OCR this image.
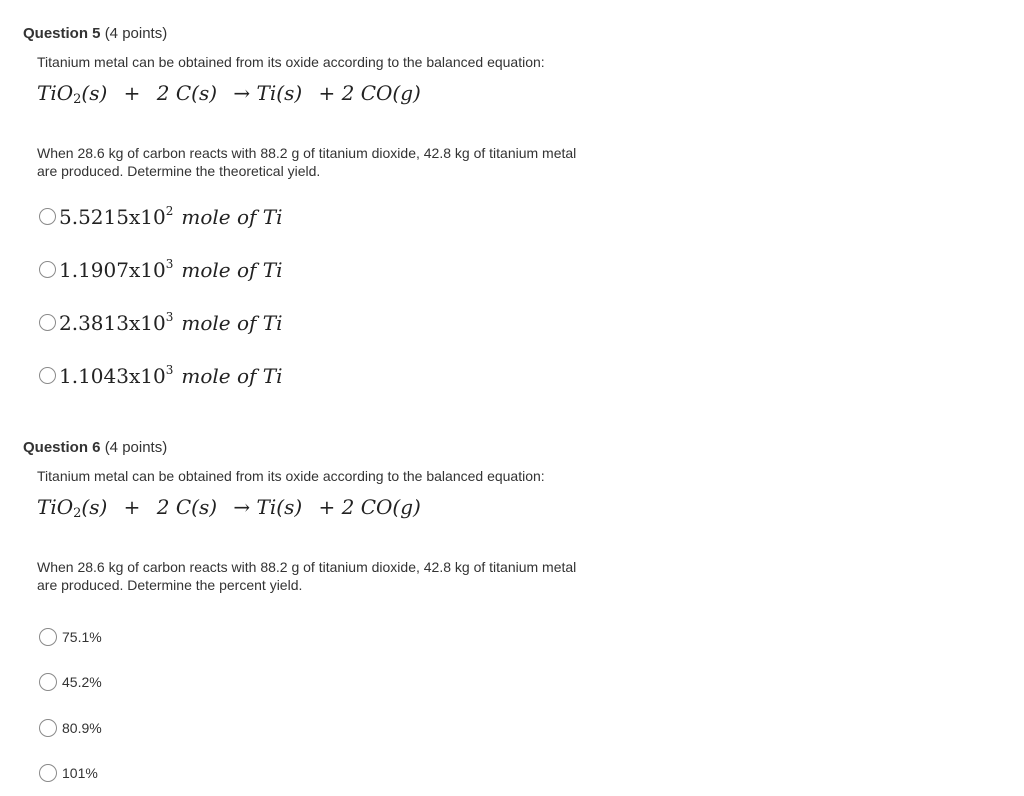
Question 5 (4 points)
Titanium metal can be obtained from its oxide according to the balanced equation:
TiO$_2$(s) + 2 C(s) → Ti(s) + 2 CO(g)
When 28.6 kg of carbon reacts with 88.2 g of titanium dioxide, 42.8 kg of titanium metal are produced. Determine the theoretical yield.
$5.5215x10^2$ mole of Ti
$1.1907x10^3$ mole of Ti
$2.3813x10^3$ mole of Ti
$1.1043x10^3$ mole of Ti
Question 6 (4 points)
Titanium metal can be obtained from its oxide according to the balanced equation:
TiO$_2$(s) + 2 C(s) → Ti(s) + 2 CO(g)
When 28.6 kg of carbon reacts with 88.2 g of titanium dioxide, 42.8 kg of titanium metal are produced. Determine the percent yield.
75.1%
45.2%
80.9%
101%
